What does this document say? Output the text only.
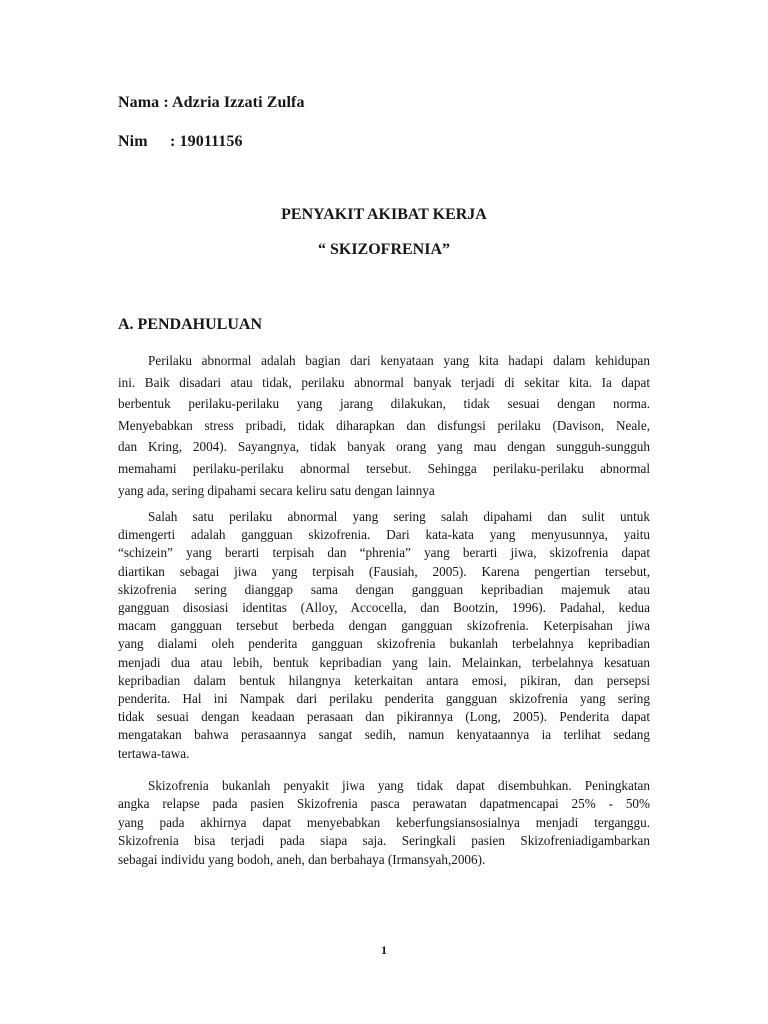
Nama : Adzria Izzati Zulfa
Nim : 19011156
PENYAKIT AKIBAT KERJA
“ SKIZOFRENIA”
A. PENDAHULUAN

Perilaku abnormal adalah bagian dari kenyataan yang kita hadapi dalam kehidupan
ini. Baik disadari atau tidak, perilaku abnormal banyak terjadi di sekitar kita. Ia dapat
berbentuk perilaku-perilaku yang jarang dilakukan, tidak sesuai dengan norma.
Menyebabkan stress pribadi, tidak diharapkan dan disfungsi perilaku (Davison, Neale,
dan Kring, 2004). Sayangnya, tidak banyak orang yang mau dengan sungguh-sungguh
memahami perilaku-perilaku abnormal tersebut. Sehingga perilaku-perilaku abnormal
yang ada, sering dipahami secara keliru satu dengan lainnya

Salah satu perilaku abnormal yang sering salah dipahami dan sulit untuk
dimengerti adalah gangguan skizofrenia. Dari kata-kata yang menyusunnya, yaitu
“schizein” yang berarti terpisah dan “phrenia” yang berarti jiwa, skizofrenia dapat
diartikan sebagai jiwa yang terpisah (Fausiah, 2005). Karena pengertian tersebut,
skizofrenia sering dianggap sama dengan gangguan kepribadian majemuk atau
gangguan disosiasi identitas (Alloy, Accocella, dan Bootzin, 1996). Padahal, kedua
macam gangguan tersebut berbeda dengan gangguan skizofrenia. Keterpisahan jiwa
yang dialami oleh penderita gangguan skizofrenia bukanlah terbelahnya kepribadian
menjadi dua atau lebih, bentuk kepribadian yang lain. Melainkan, terbelahnya kesatuan
kepribadian dalam bentuk hilangnya keterkaitan antara emosi, pikiran, dan persepsi
penderita. Hal ini Nampak dari perilaku penderita gangguan skizofrenia yang sering
tidak sesuai dengan keadaan perasaan dan pikirannya (Long, 2005). Penderita dapat
mengatakan bahwa perasaannya sangat sedih, namun kenyataannya ia terlihat sedang
tertawa-tawa.

Skizofrenia bukanlah penyakit jiwa yang tidak dapat disembuhkan. Peningkatan
angka relapse pada pasien Skizofrenia pasca perawatan dapatmencapai 25% - 50%
yang pada akhirnya dapat menyebabkan keberfungsiansosialnya menjadi terganggu.
Skizofrenia bisa terjadi pada siapa saja. Seringkali pasien Skizofreniadigambarkan
sebagai individu yang bodoh, aneh, dan berbahaya (Irmansyah,2006).

1
